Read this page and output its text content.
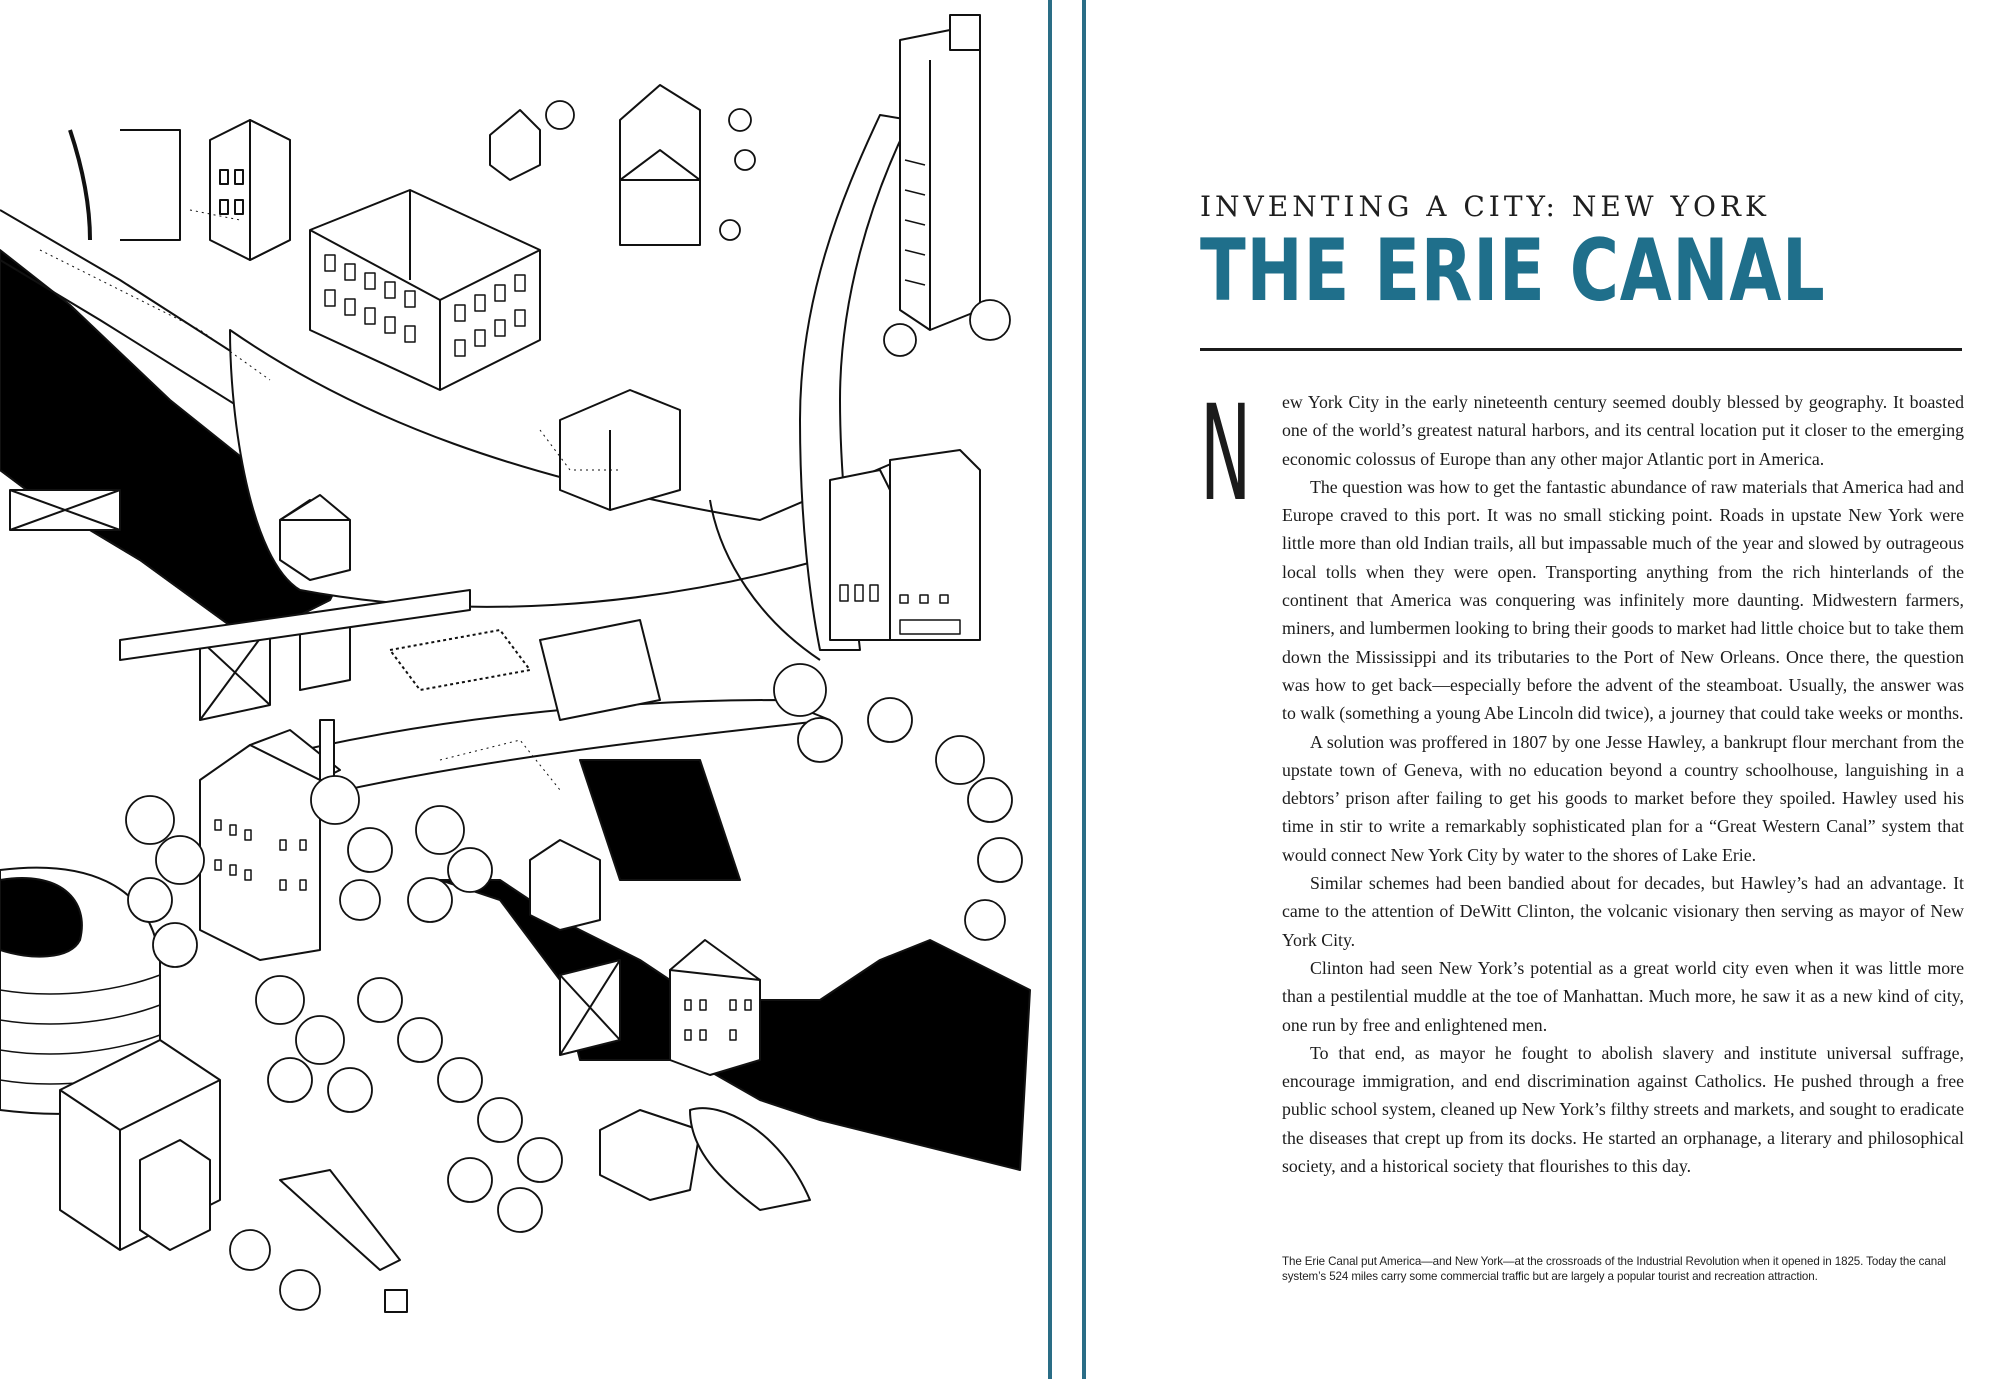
INVENTING A CITY: NEW YORK
THE ERIE CANAL
N ew York City in the early nineteenth century seemed doubly blessed by geography. It boasted one of the world’s greatest natural harbors, and its central location put it closer to the emerging economic colossus of Europe than any other major Atlantic port in America.

The question was how to get the fantastic abundance of raw materials that America had and Europe craved to this port. It was no small sticking point. Roads in upstate New York were little more than old Indian trails, all but impassable much of the year and slowed by outrageous local tolls when they were open. Transporting anything from the rich hinterlands of the continent that America was conquering was infinitely more daunting. Midwestern farmers, miners, and lumbermen looking to bring their goods to market had little choice but to take them down the Mississippi and its tributaries to the Port of New Orleans. Once there, the question was how to get back—especially before the advent of the steamboat. Usually, the answer was to walk (something a young Abe Lincoln did twice), a journey that could take weeks or months.

A solution was proffered in 1807 by one Jesse Hawley, a bankrupt flour merchant from the upstate town of Geneva, with no education beyond a country schoolhouse, languishing in a debtors’ prison after failing to get his goods to market before they spoiled. Hawley used his time in stir to write a remarkably sophisticated plan for a “Great Western Canal” system that would connect New York City by water to the shores of Lake Erie.

Similar schemes had been bandied about for decades, but Hawley’s had an advantage. It came to the attention of DeWitt Clinton, the volcanic visionary then serving as mayor of New York City.

Clinton had seen New York’s potential as a great world city even when it was little more than a pestilential muddle at the toe of Manhattan. Much more, he saw it as a new kind of city, one run by free and enlightened men.

To that end, as mayor he fought to abolish slavery and institute universal suffrage, encourage immigration, and end discrimination against Catholics. He pushed through a free public school system, cleaned up New York’s filthy streets and markets, and sought to eradicate the diseases that crept up from its docks. He started an orphanage, a literary and philosophical society, and a historical society that flourishes to this day.

The Erie Canal put America—and New York—at the crossroads of the Industrial Revolution when it opened in 1825. Today the canal system’s 524 miles carry some commercial traffic but are largely a popular tourist and recreation attraction.
